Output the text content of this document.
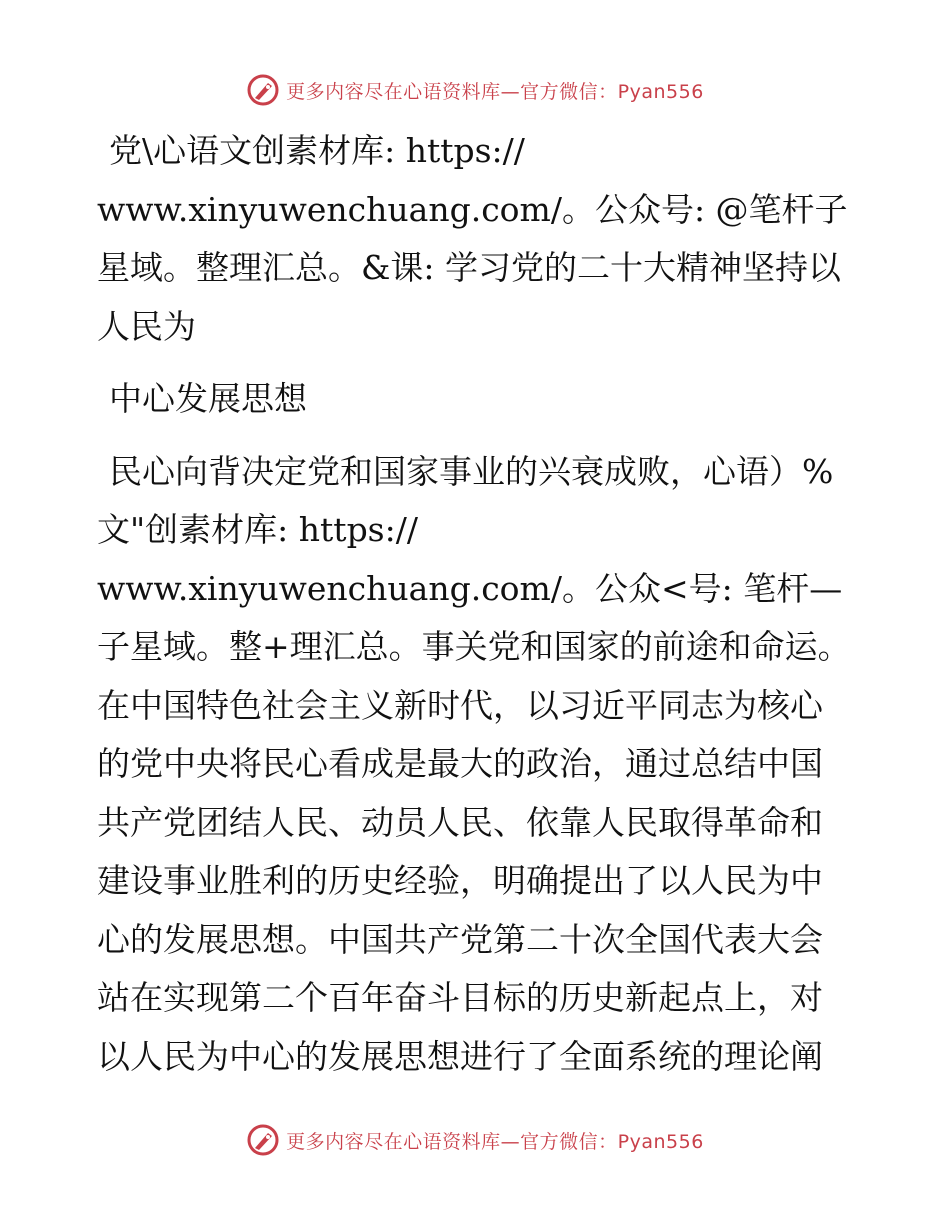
更多内容尽在心语资料库—官方微信：Pyan556

党\心语文创素材库: https://
www.xinyuwenchuang.com/。公众号: @笔杆子星域。整理汇总。&课: 学习党的二十大精神坚持以人民为

中心发展思想

民心向背决定党和国家事业的兴衰成败，心语）%文"创素材库: https://
www.xinyuwenchuang.com/。公众<号: 笔杆—子星域。整+理汇总。事关党和国家的前途和命运。在中国特色社会主义新时代，以习近平同志为核心的党中央将民心看成是最大的政治，通过总结中国共产党团结人民、动员人民、依靠人民取得革命和建设事业胜利的历史经验，明确提出了以人民为中心的发展思想。中国共产党第二十次全国代表大会站在实现第二个百年奋斗目标的历史新起点上，对以人民为中心的发展思想进行了全面系统的理论阐

更多内容尽在心语资料库—官方微信：Pyan556
